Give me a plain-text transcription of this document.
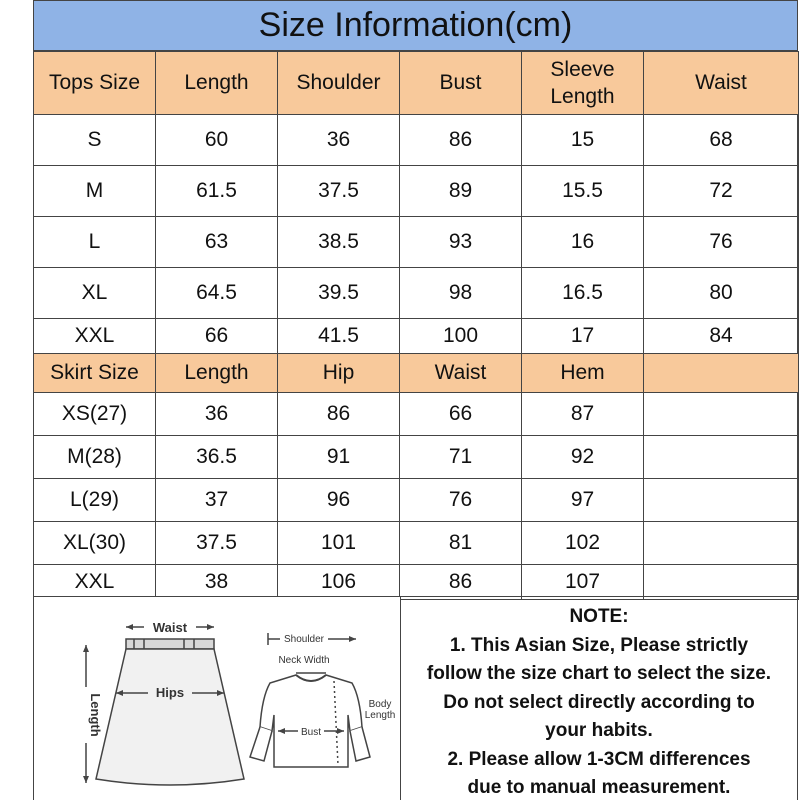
Size Information(cm)
Tops Size	Length	Shoulder	Bust	Sleeve Length	Waist
S	60	36	86	15	68
M	61.5	37.5	89	15.5	72
L	63	38.5	93	16	76
XL	64.5	39.5	98	16.5	80
XXL	66	41.5	100	17	84
Skirt Size	Length	Hip	Waist	Hem	
XS(27)	36	86	66	87	
M(28)	36.5	91	71	92	
L(29)	37	96	76	97	
XL(30)	37.5	101	81	102	
XXL	38	106	86	107	
Waist
Hips
Length
Shoulder
Neck Width
Body
Length
Bust
NOTE:
1. This Asian Size, Please strictly
follow the size chart to select the size.
Do not select directly according to
your habits.
2. Please allow 1-3CM differences
due to manual measurement.
